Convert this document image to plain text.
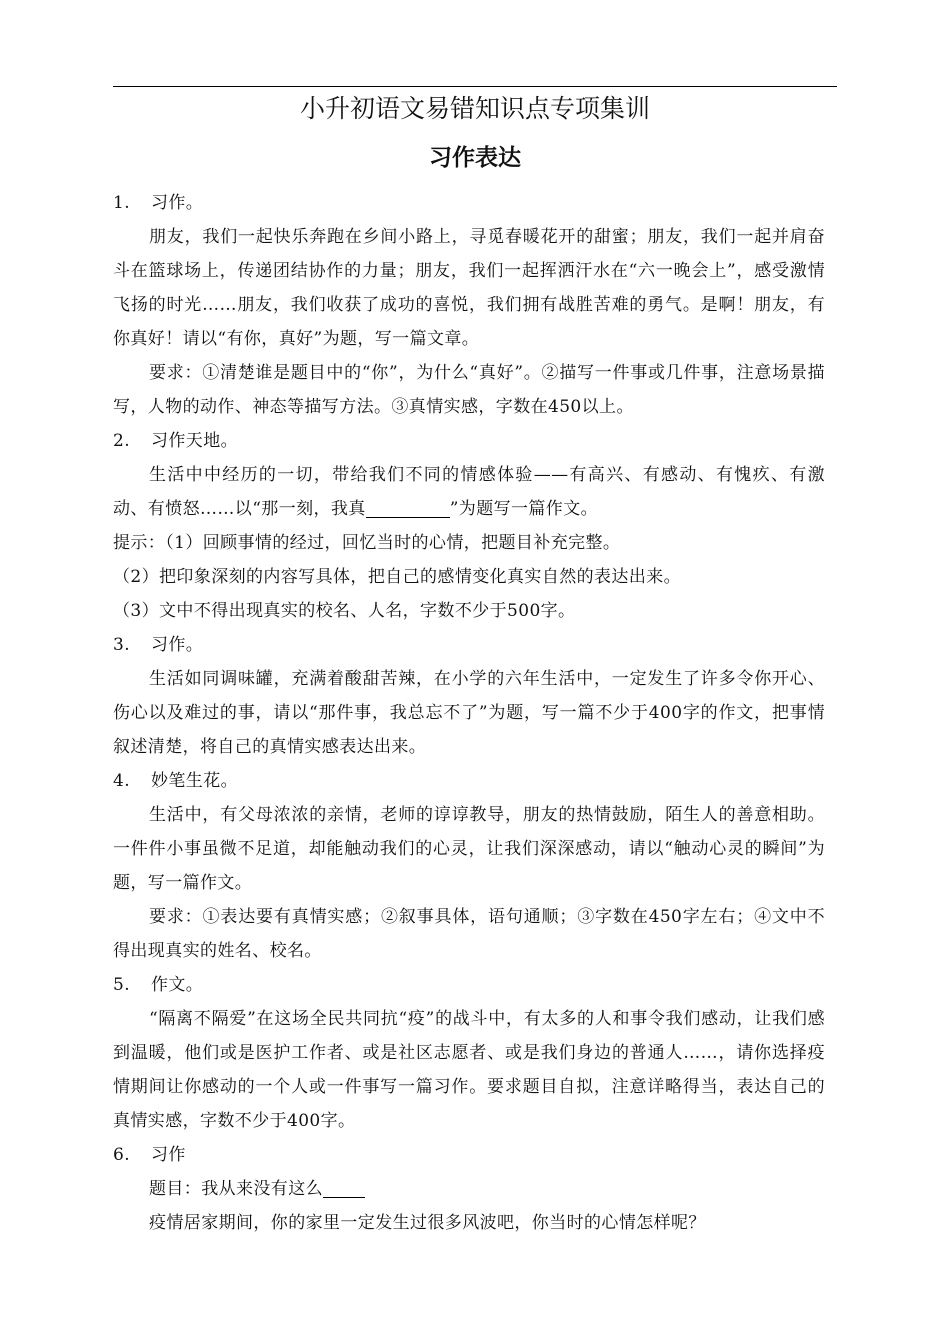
小升初语文易错知识点专项集训
习作表达

1.	习作。

朋友，我们一起快乐奔跑在乡间小路上，寻觅春暖花开的甜蜜；朋友，我们一起并肩奋斗在篮球场上，传递团结协作的力量；朋友，我们一起挥洒汗水在“六一晚会上”，感受激情飞扬的时光……朋友，我们收获了成功的喜悦，我们拥有战胜苦难的勇气。是啊！朋友，有你真好！请以“有你，真好”为题，写一篇文章。

要求：①清楚谁是题目中的“你”，为什么“真好”。②描写一件事或几件事，注意场景描写，人物的动作、神态等描写方法。③真情实感，字数在450以上。

2.	习作天地。

生活中中经历的一切，带给我们不同的情感体验——有高兴、有感动、有愧疚、有激动、有愤怒……以“那一刻，我真	”为题写一篇作文。

提示：（1）回顾事情的经过，回忆当时的心情，把题目补充完整。

（2）把印象深刻的内容写具体，把自己的感情变化真实自然的表达出来。

（3）文中不得出现真实的校名、人名，字数不少于500字。

3.	习作。

生活如同调味罐，充满着酸甜苦辣，在小学的六年生活中，一定发生了许多令你开心、伤心以及难过的事，请以“那件事，我总忘不了”为题，写一篇不少于400字的作文，把事情叙述清楚，将自己的真情实感表达出来。

4.	妙笔生花。

生活中，有父母浓浓的亲情，老师的谆谆教导，朋友的热情鼓励，陌生人的善意相助。一件件小事虽微不足道，却能触动我们的心灵，让我们深深感动，请以“触动心灵的瞬间”为题，写一篇作文。

要求：①表达要有真情实感；②叙事具体，语句通顺；③字数在450字左右；④文中不得出现真实的姓名、校名。

5.	作文。

“隔离不隔爱”在这场全民共同抗“疫”的战斗中，有太多的人和事令我们感动，让我们感到温暖，他们或是医护工作者、或是社区志愿者、或是我们身边的普通人……，请你选择疫情期间让你感动的一个人或一件事写一篇习作。要求题目自拟，注意详略得当，表达自己的真情实感，字数不少于400字。

6.	习作

题目：我从来没有这么

疫情居家期间，你的家里一定发生过很多风波吧，你当时的心情怎样呢？
